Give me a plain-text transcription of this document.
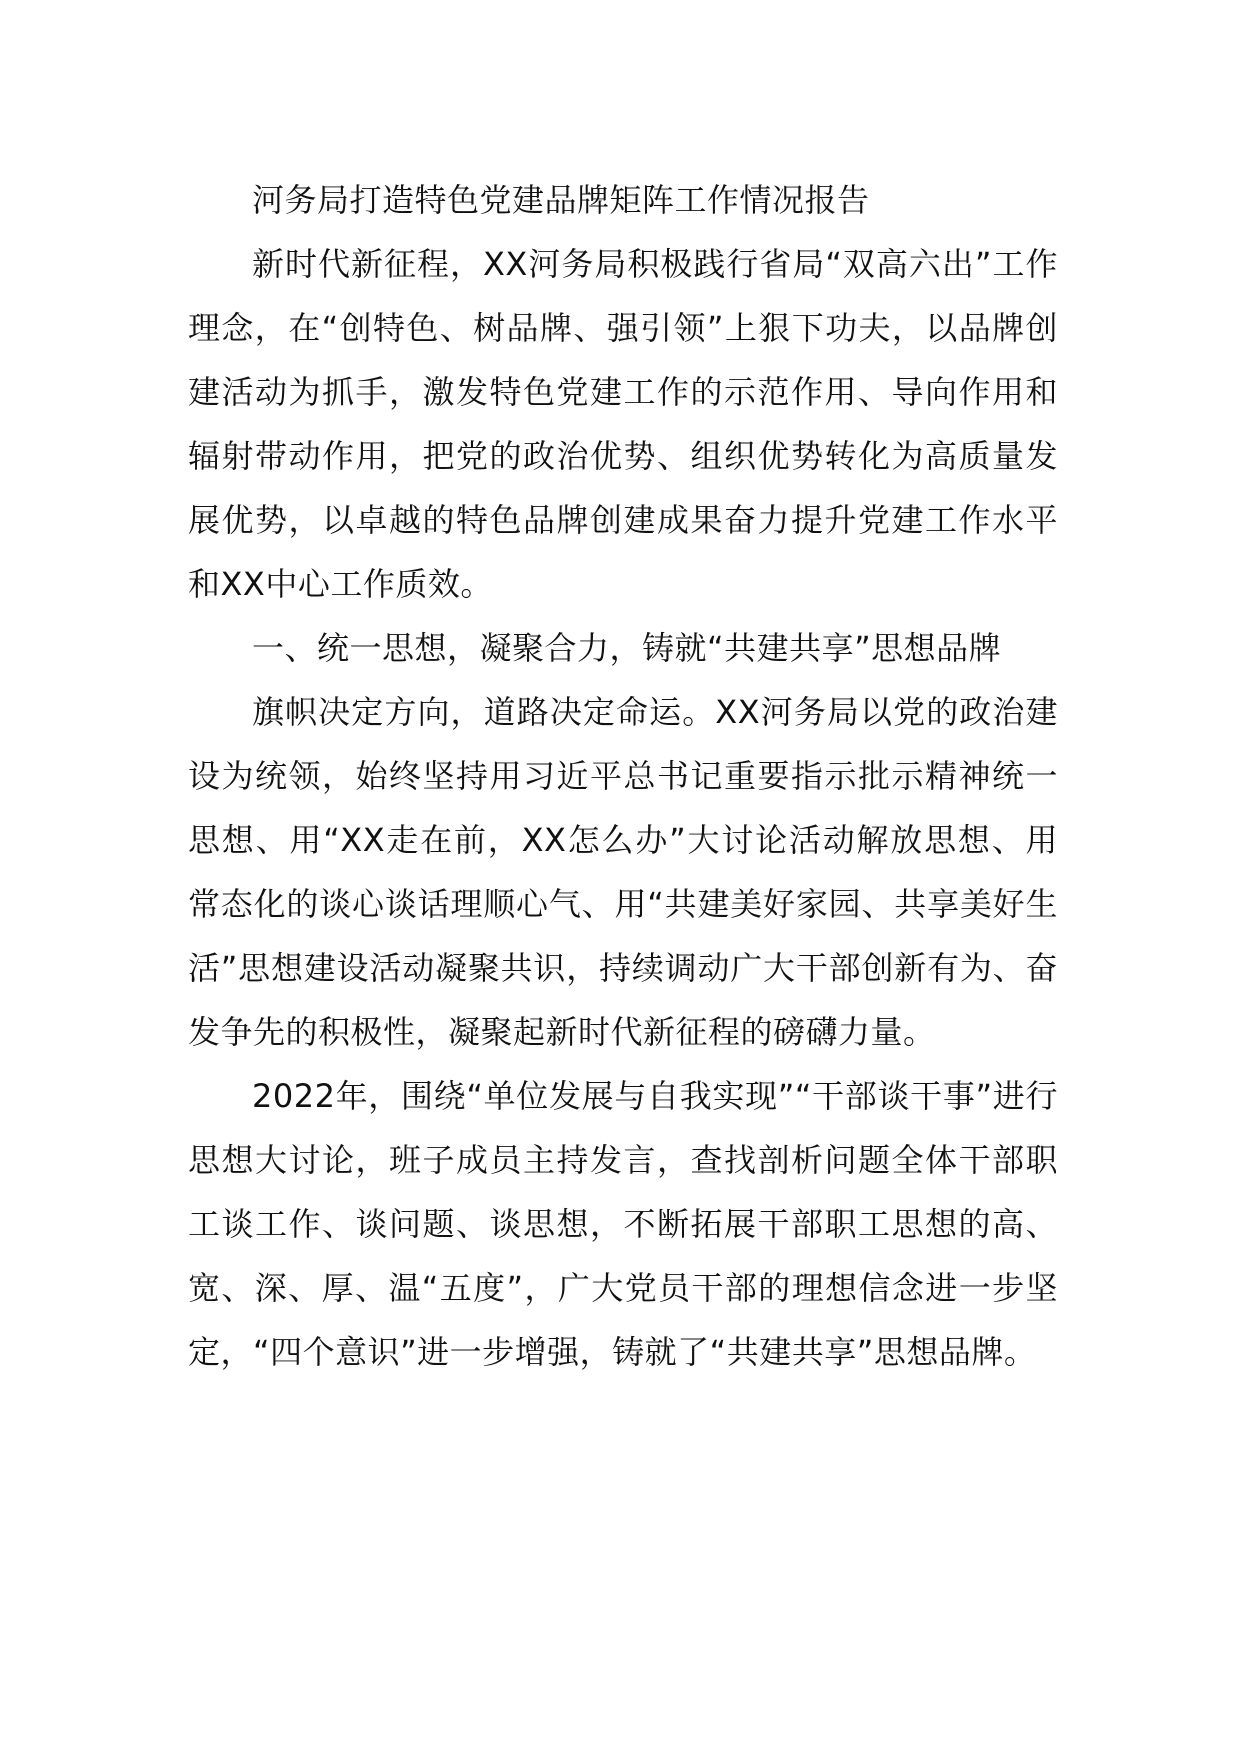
河务局打造特色党建品牌矩阵工作情况报告

新时代新征程，XX河务局积极践行省局“双高六出”工作理念，在“创特色、树品牌、强引领”上狠下功夫，以品牌创建活动为抓手，激发特色党建工作的示范作用、导向作用和辐射带动作用，把党的政治优势、组织优势转化为高质量发展优势，以卓越的特色品牌创建成果奋力提升党建工作水平和XX中心工作质效。

一、统一思想，凝聚合力，铸就“共建共享”思想品牌

旗帜决定方向，道路决定命运。XX河务局以党的政治建设为统领，始终坚持用习近平总书记重要指示批示精神统一思想、用“XX走在前，XX怎么办”大讨论活动解放思想、用常态化的谈心谈话理顺心气、用“共建美好家园、共享美好生活”思想建设活动凝聚共识，持续调动广大干部创新有为、奋发争先的积极性，凝聚起新时代新征程的磅礴力量。

2022年，围绕“单位发展与自我实现”“干部谈干事”进行思想大讨论，班子成员主持发言，查找剖析问题全体干部职工谈工作、谈问题、谈思想，不断拓展干部职工思想的高、宽、深、厚、温“五度”，广大党员干部的理想信念进一步坚定，“四个意识”进一步增强，铸就了“共建共享”思想品牌。
